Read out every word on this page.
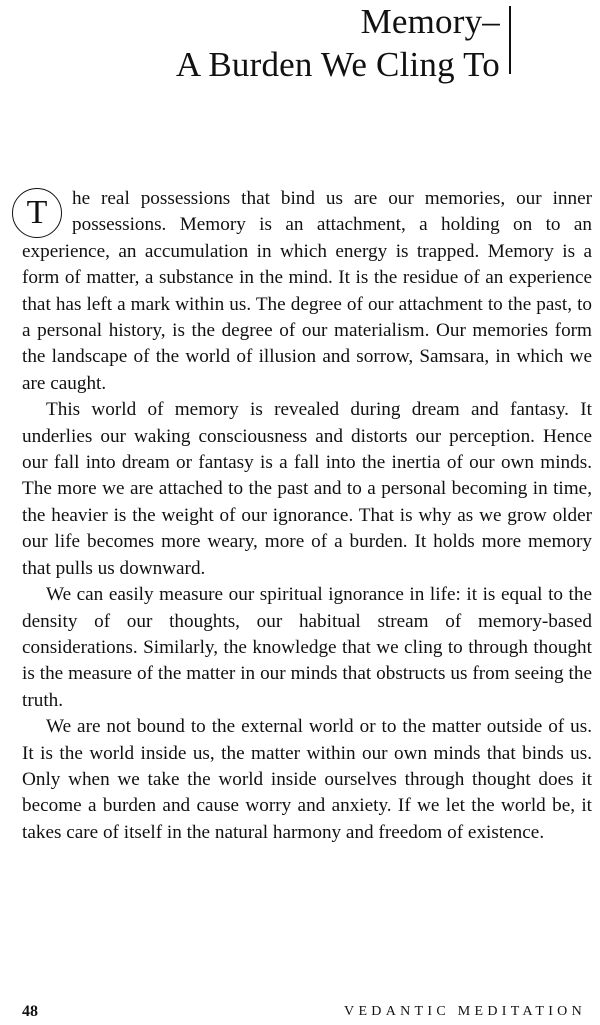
Memory–
A Burden We Cling To

T	he real possessions that bind us are our memories, our inner possessions. Memory is an attachment, a holding on to an experience, an accumulation in which energy is trapped. Memory is a form of matter, a substance in the mind. It is the residue of an experience that has left a mark within us. The degree of our attachment to the past, to a personal history, is the degree of our materialism. Our memories form the landscape of the world of illusion and sorrow, Samsara, in which we are caught.

This world of memory is revealed during dream and fantasy. It underlies our waking consciousness and distorts our perception. Hence our fall into dream or fantasy is a fall into the inertia of our own minds. The more we are attached to the past and to a personal becoming in time, the heavier is the weight of our ignorance. That is why as we grow older our life becomes more weary, more of a burden. It holds more memory that pulls us downward.

We can easily measure our spiritual ignorance in life: it is equal to the density of our thoughts, our habitual stream of memory-based considerations. Similarly, the knowledge that we cling to through thought is the measure of the matter in our minds that obstructs us from seeing the truth.

We are not bound to the external world or to the matter outside of us. It is the world inside us, the matter within our own minds that binds us. Only when we take the world inside ourselves through thought does it become a burden and cause worry and anxiety. If we let the world be, it takes care of itself in the natural harmony and freedom of existence.

48	VEDANTIC MEDITATION
